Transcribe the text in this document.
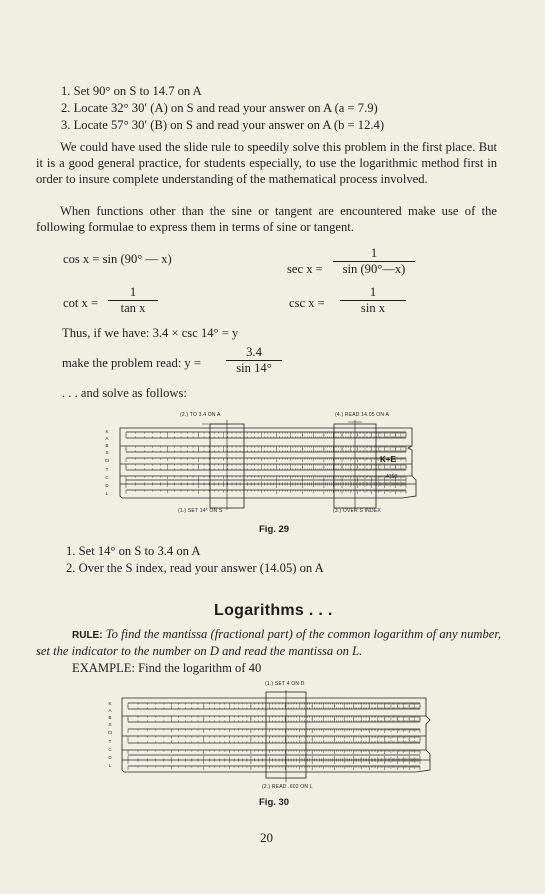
1. Set 90° on S to 14.7 on A
2. Locate 32° 30′ (A) on S and read your answer on A (a = 7.9)
3. Locate 57° 30′ (B) on S and read your answer on A (b = 12.4)
We could have used the slide rule to speedily solve this problem in the first place. But it is a good general practice, for students especially, to use the logarithmic method first in order to insure complete understanding of the mathematical process involved.
When functions other than the sine or tangent are encountered make use of the following formulae to express them in terms of sine or tangent.
cos x = sin (90° — x)
sec x =
1
sin (90°—x)
cot x =
1
tan x	csc x =
1
sin x
Thus, if we have: 3.4 × csc 14° = y
make the problem read: y =
3.4
sin 14°
. . . and solve as follows:
(2.) TO 3.4 ON A	(4.) READ 14.05 ON A
K
A
B
S
CI
T
C
D
L
K+E
4158
(1.) SET 14° ON S	(3.) OVER S INDEX
Fig. 29
1. Set 14° on S to 3.4 on A
2. Over the S index, read your answer (14.05) on A
Logarithms . . .
RULE: To find the mantissa (fractional part) of the common logarithm of any number, set the indicator to the number on D and read the mantissa on L.
EXAMPLE: Find the logarithm of 40
(1.) SET 4 ON D
K
A
B
S
CI
T
C
D
L
(2.) READ .602 ON L
Fig. 30
20
